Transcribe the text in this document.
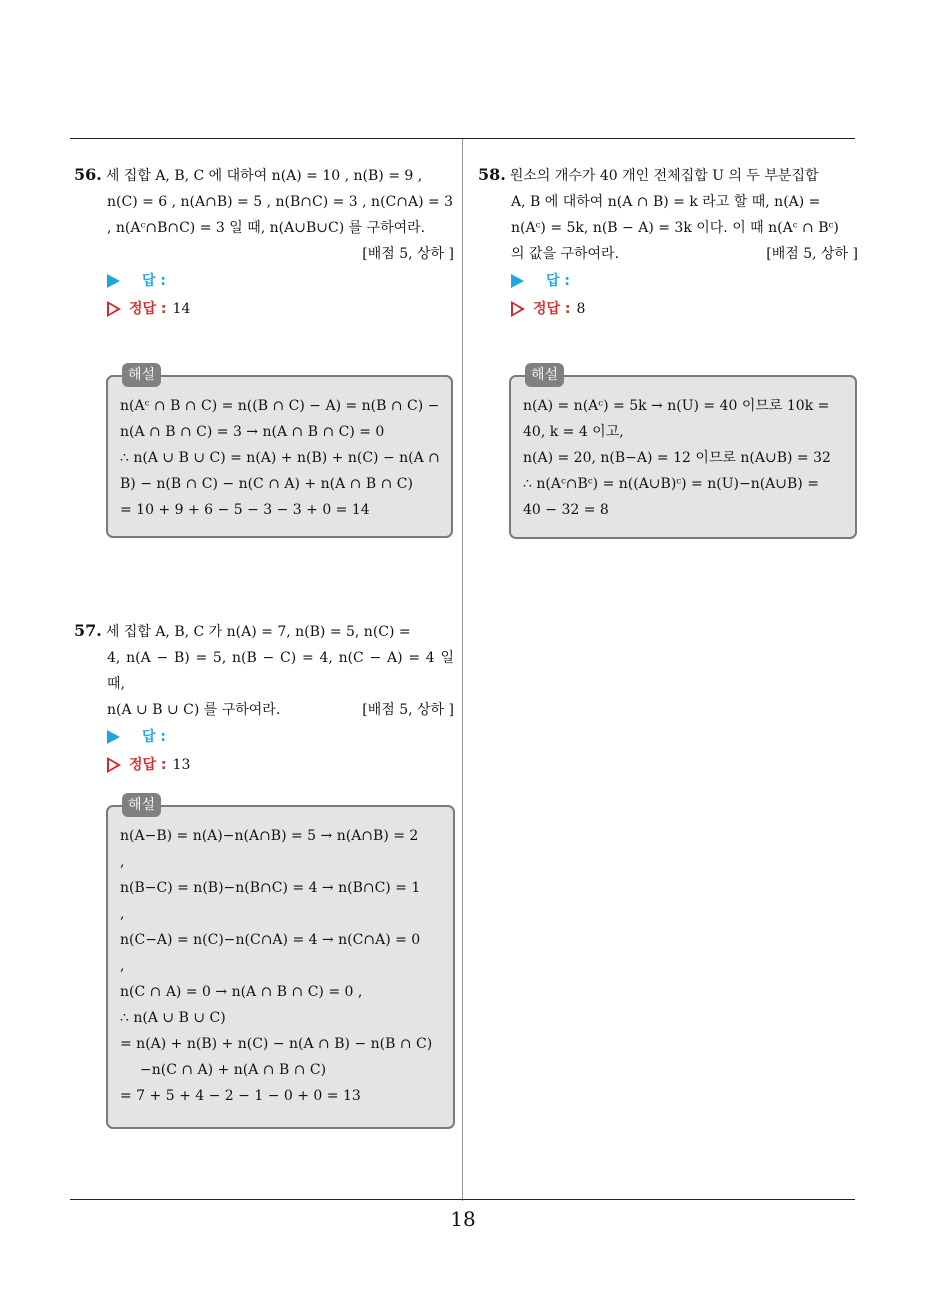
56. 세 집합 A, B, C 에 대하여 n(A) = 10 , n(B) = 9 ,
n(C) = 6 , n(A∩B) = 5 , n(B∩C) = 3 , n(C∩A) = 3
, n(Aᶜ∩B∩C) = 3 일 때, n(A∪B∪C) 를 구하여라.
[배점 5, 상하 ]
답 :
정답 : 14
해설
n(Aᶜ ∩ B ∩ C) = n((B ∩ C) − A) = n(B ∩ C) −
n(A ∩ B ∩ C) = 3 → n(A ∩ B ∩ C) = 0
∴ n(A ∪ B ∪ C) = n(A) + n(B) + n(C) − n(A ∩
B) − n(B ∩ C) − n(C ∩ A) + n(A ∩ B ∩ C)
= 10 + 9 + 6 − 5 − 3 − 3 + 0 = 14
57. 세 집합 A, B, C 가 n(A) = 7, n(B) = 5, n(C) =
4, n(A − B) = 5, n(B − C) = 4, n(C − A) = 4 일 때,
n(A ∪ B ∪ C) 를 구하여라.	[배점 5, 상하 ]
답 :
정답 : 13
해설
n(A−B) = n(A)−n(A∩B) = 5 → n(A∩B) = 2
,
n(B−C) = n(B)−n(B∩C) = 4 → n(B∩C) = 1
,
n(C−A) = n(C)−n(C∩A) = 4 → n(C∩A) = 0
,
n(C ∩ A) = 0 → n(A ∩ B ∩ C) = 0 ,
∴ n(A ∪ B ∪ C)
= n(A) + n(B) + n(C) − n(A ∩ B) − n(B ∩ C)
−n(C ∩ A) + n(A ∩ B ∩ C)
= 7 + 5 + 4 − 2 − 1 − 0 + 0 = 13
58. 원소의 개수가 40 개인 전체집합 U 의 두 부분집합
A, B 에 대하여 n(A ∩ B) = k 라고 할 때, n(A) =
n(Aᶜ) = 5k, n(B − A) = 3k 이다. 이 때 n(Aᶜ ∩ Bᶜ)
의 값을 구하여라.	[배점 5, 상하 ]
답 :
정답 : 8
해설
n(A) = n(Aᶜ) = 5k → n(U) = 40 이므로 10k =
40, k = 4 이고,
n(A) = 20, n(B−A) = 12 이므로 n(A∪B) = 32
∴ n(Aᶜ∩Bᶜ) = n((A∪B)ᶜ) = n(U)−n(A∪B) =
40 − 32 = 8
18
